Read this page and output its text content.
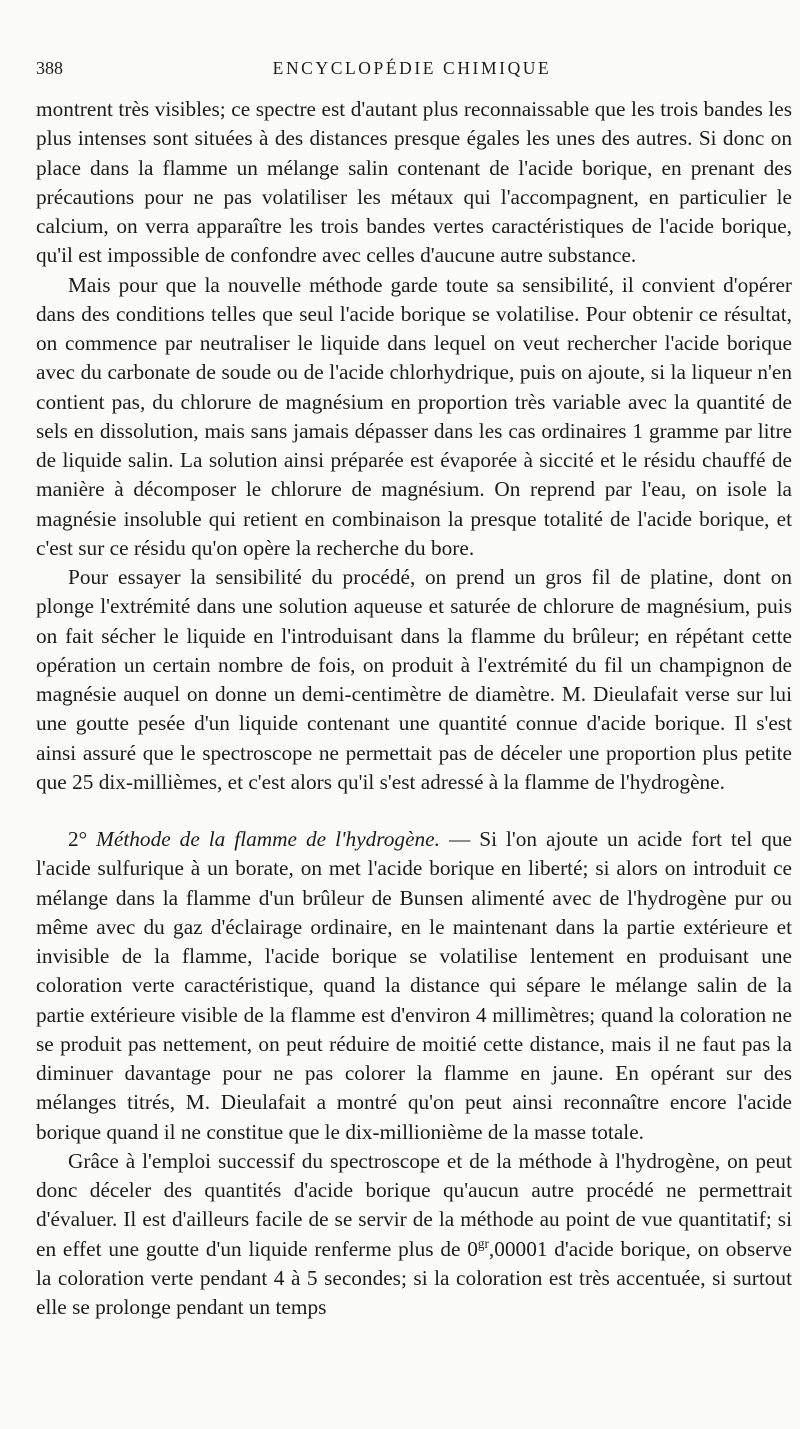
388	ENCYCLOPÉDIE CHIMIQUE

montrent très visibles; ce spectre est d'autant plus reconnaissable que les trois bandes les plus intenses sont situées à des distances presque égales les unes des autres. Si donc on place dans la flamme un mélange salin contenant de l'acide borique, en prenant des précautions pour ne pas volatiliser les métaux qui l'accompagnent, en particulier le calcium, on verra apparaître les trois bandes vertes caractéristiques de l'acide borique, qu'il est impossible de confondre avec celles d'aucune autre substance.

Mais pour que la nouvelle méthode garde toute sa sensibilité, il convient d'opérer dans des conditions telles que seul l'acide borique se volatilise. Pour obtenir ce résultat, on commence par neutraliser le liquide dans lequel on veut rechercher l'acide borique avec du carbonate de soude ou de l'acide chlorhydrique, puis on ajoute, si la liqueur n'en contient pas, du chlorure de magnésium en proportion très variable avec la quantité de sels en dissolution, mais sans jamais dépasser dans les cas ordinaires 1 gramme par litre de liquide salin. La solution ainsi préparée est évaporée à siccité et le résidu chauffé de manière à décomposer le chlorure de magnésium. On reprend par l'eau, on isole la magnésie insoluble qui retient en combinaison la presque totalité de l'acide borique, et c'est sur ce résidu qu'on opère la recherche du bore.

Pour essayer la sensibilité du procédé, on prend un gros fil de platine, dont on plonge l'extrémité dans une solution aqueuse et saturée de chlorure de magnésium, puis on fait sécher le liquide en l'introduisant dans la flamme du brûleur; en répétant cette opération un certain nombre de fois, on produit à l'extrémité du fil un champignon de magnésie auquel on donne un demi-centimètre de diamètre. M. Dieulafait verse sur lui une goutte pesée d'un liquide contenant une quantité connue d'acide borique. Il s'est ainsi assuré que le spectroscope ne permettait pas de déceler une proportion plus petite que 25 dix-millièmes, et c'est alors qu'il s'est adressé à la flamme de l'hydrogène.

2° Méthode de la flamme de l'hydrogène. — Si l'on ajoute un acide fort tel que l'acide sulfurique à un borate, on met l'acide borique en liberté; si alors on introduit ce mélange dans la flamme d'un brûleur de Bunsen alimenté avec de l'hydrogène pur ou même avec du gaz d'éclairage ordinaire, en le maintenant dans la partie extérieure et invisible de la flamme, l'acide borique se volatilise lentement en produisant une coloration verte caractéristique, quand la distance qui sépare le mélange salin de la partie extérieure visible de la flamme est d'environ 4 millimètres; quand la coloration ne se produit pas nettement, on peut réduire de moitié cette distance, mais il ne faut pas la diminuer davantage pour ne pas colorer la flamme en jaune. En opérant sur des mélanges titrés, M. Dieulafait a montré qu'on peut ainsi reconnaître encore l'acide borique quand il ne constitue que le dix-millionième de la masse totale.

Grâce à l'emploi successif du spectroscope et de la méthode à l'hydrogène, on peut donc déceler des quantités d'acide borique qu'aucun autre procédé ne permettrait d'évaluer. Il est d'ailleurs facile de se servir de la méthode au point de vue quantitatif; si en effet une goutte d'un liquide renferme plus de $0^{gr},00001$ d'acide borique, on observe la coloration verte pendant 4 à 5 secondes; si la coloration est très accentuée, si surtout elle se prolonge pendant un temps
